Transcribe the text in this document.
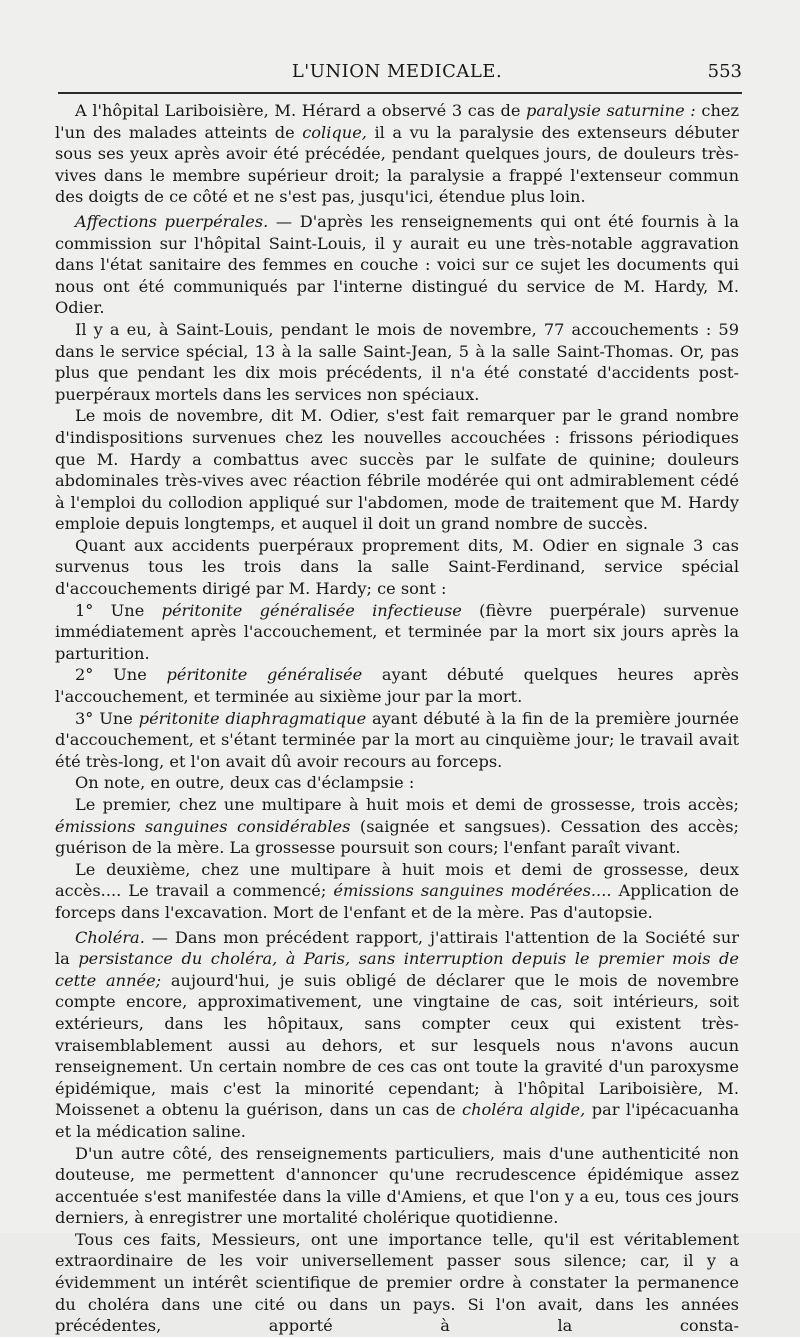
L'UNION MEDICALE.	553

A l'hôpital Lariboisière, M. Hérard a observé 3 cas de paralysie saturnine : chez l'un des malades atteints de colique, il a vu la paralysie des extenseurs débuter sous ses yeux après avoir été précédée, pendant quelques jours, de douleurs très-vives dans le membre supérieur droit; la paralysie a frappé l'extenseur commun des doigts de ce côté et ne s'est pas, jusqu'ici, étendue plus loin.

Affections puerpérales. — D'après les renseignements qui ont été fournis à la commission sur l'hôpital Saint-Louis, il y aurait eu une très-notable aggravation dans l'état sanitaire des femmes en couche : voici sur ce sujet les documents qui nous ont été communiqués par l'interne distingué du service de M. Hardy, M. Odier.

Il y a eu, à Saint-Louis, pendant le mois de novembre, 77 accouchements : 59 dans le service spécial, 13 à la salle Saint-Jean, 5 à la salle Saint-Thomas. Or, pas plus que pendant les dix mois précédents, il n'a été constaté d'accidents post-puerpéraux mortels dans les services non spéciaux.

Le mois de novembre, dit M. Odier, s'est fait remarquer par le grand nombre d'indispositions survenues chez les nouvelles accouchées : frissons périodiques que M. Hardy a combattus avec succès par le sulfate de quinine; douleurs abdominales très-vives avec réaction fébrile modérée qui ont admirablement cédé à l'emploi du collodion appliqué sur l'abdomen, mode de traitement que M. Hardy emploie depuis longtemps, et auquel il doit un grand nombre de succès.

Quant aux accidents puerpéraux proprement dits, M. Odier en signale 3 cas survenus tous les trois dans la salle Saint-Ferdinand, service spécial d'accouchements dirigé par M. Hardy; ce sont :

1° Une péritonite généralisée infectieuse (fièvre puerpérale) survenue immédiatement après l'accouchement, et terminée par la mort six jours après la parturition.

2° Une péritonite généralisée ayant débuté quelques heures après l'accouchement, et terminée au sixième jour par la mort.

3° Une péritonite diaphragmatique ayant débuté à la fin de la première journée d'accouchement, et s'étant terminée par la mort au cinquième jour; le travail avait été très-long, et l'on avait dû avoir recours au forceps.

On note, en outre, deux cas d'éclampsie :

Le premier, chez une multipare à huit mois et demi de grossesse, trois accès; émissions sanguines considérables (saignée et sangsues). Cessation des accès; guérison de la mère. La grossesse poursuit son cours; l'enfant paraît vivant.

Le deuxième, chez une multipare à huit mois et demi de grossesse, deux accès.... Le travail a commencé; émissions sanguines modérées.... Application de forceps dans l'excavation. Mort de l'enfant et de la mère. Pas d'autopsie.

Choléra. — Dans mon précédent rapport, j'attirais l'attention de la Société sur la persistance du choléra, à Paris, sans interruption depuis le premier mois de cette année; aujourd'hui, je suis obligé de déclarer que le mois de novembre compte encore, approximativement, une vingtaine de cas, soit intérieurs, soit extérieurs, dans les hôpitaux, sans compter ceux qui existent très-vraisemblablement aussi au dehors, et sur lesquels nous n'avons aucun renseignement. Un certain nombre de ces cas ont toute la gravité d'un paroxysme épidémique, mais c'est la minorité cependant; à l'hôpital Lariboisière, M. Moissenet a obtenu la guérison, dans un cas de choléra algide, par l'ipécacuanha et la médication saline.

D'un autre côté, des renseignements particuliers, mais d'une authenticité non douteuse, me permettent d'annoncer qu'une recrudescence épidémique assez accentuée s'est manifestée dans la ville d'Amiens, et que l'on y a eu, tous ces jours derniers, à enregistrer une mortalité cholérique quotidienne.

Tous ces faits, Messieurs, ont une importance telle, qu'il est véritablement extraordinaire de les voir universellement passer sous silence; car, il y a évidemment un intérêt scientifique de premier ordre à constater la permanence du choléra dans une cité ou dans un pays. Si l'on avait, dans les années précédentes, apporté à la consta-
